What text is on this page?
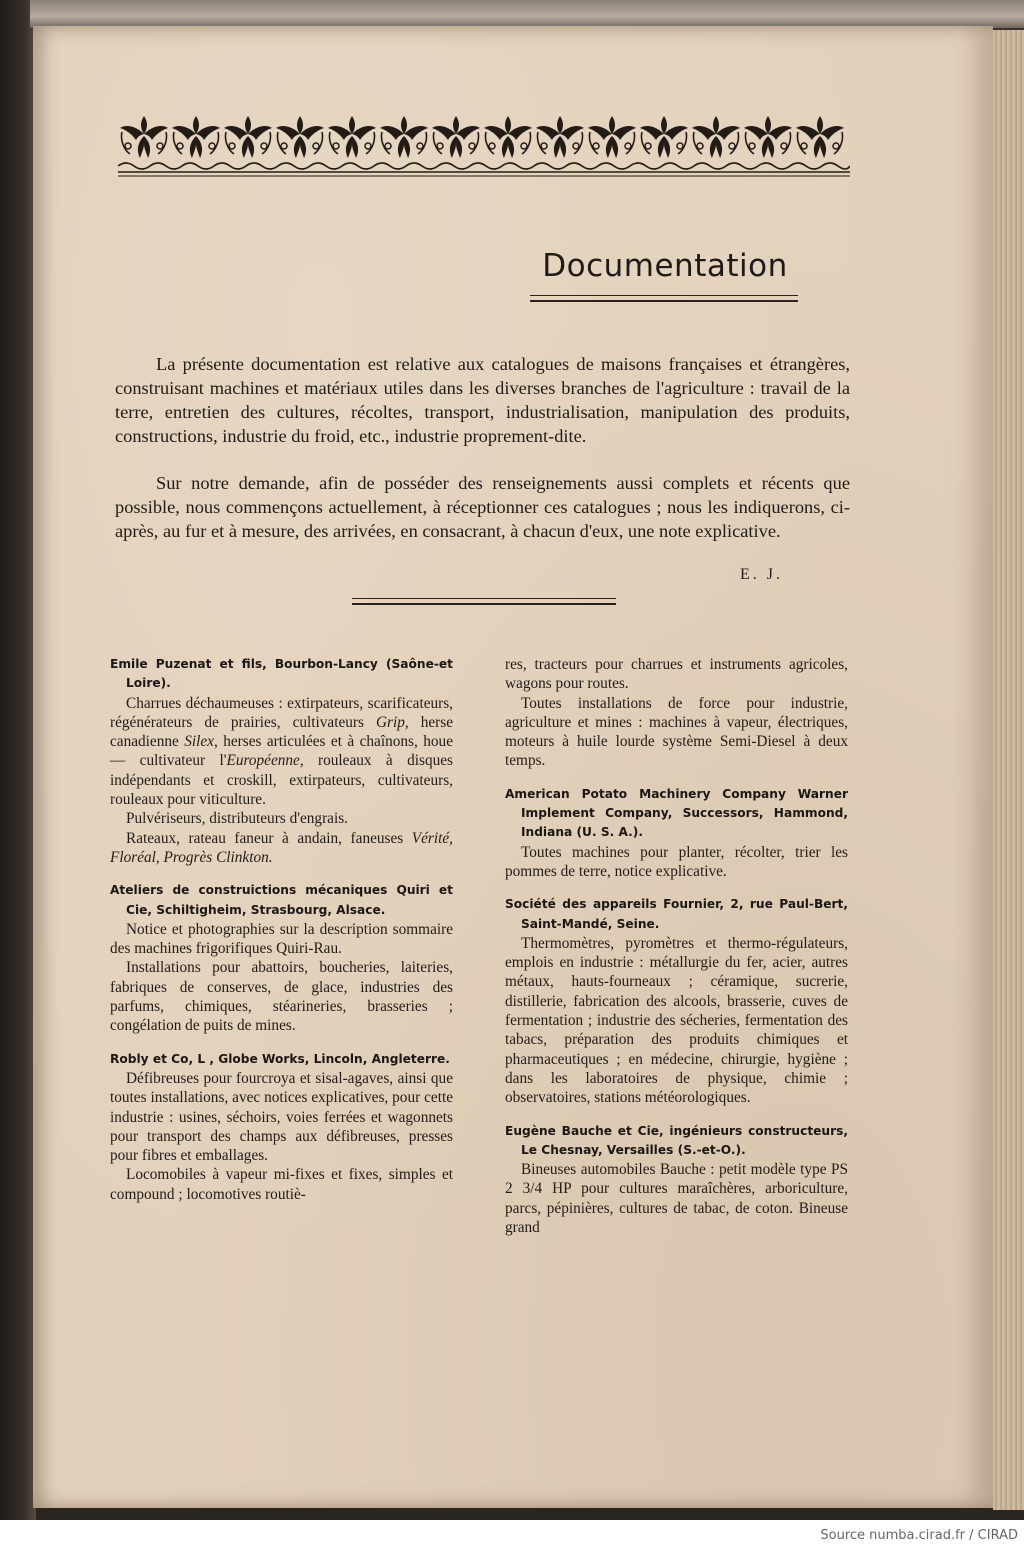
Documentation

La présente documentation est relative aux catalogues de maisons françaises et étrangères, construisant machines et matériaux utiles dans les diverses branches de l'agriculture : travail de la terre, entretien des cultures, récoltes, transport, industrialisation, manipulation des produits, constructions, industrie du froid, etc., industrie proprement-dite.

Sur notre demande, afin de posséder des renseignements aussi complets et récents que possible, nous commençons actuellement, à réceptionner ces catalogues ; nous les indiquerons, ci-après, au fur et à mesure, des arrivées, en consacrant, à chacun d'eux, une note explicative.

E. J.

Emile Puzenat et fils, Bourbon-Lancy (Saône-et Loire).

Charrues déchaumeuses : extirpateurs, scarificateurs, régénérateurs de prairies, cultivateurs Grip, herse canadienne Silex, herses articulées et à chaînons, houe — cultivateur l'Européenne, rouleaux à disques indépendants et croskill, extirpateurs, cultivateurs, rouleaux pour viticulture.

Pulvériseurs, distributeurs d'engrais.

Rateaux, rateau faneur à andain, faneuses Vérité, Floréal, Progrès Clinkton.

Ateliers de construictions mécaniques Quiri et Cie, Schiltigheim, Strasbourg, Alsace.

Notice et photographies sur la description sommaire des machines frigorifiques Quiri-Rau.

Installations pour abattoirs, boucheries, laiteries, fabriques de conserves, de glace, industries des parfums, chimiques, stéarineries, brasseries ; congélation de puits de mines.

Robly et Co, L , Globe Works, Lincoln, Angleterre.

Défibreuses pour fourcroya et sisal-agaves, ainsi que toutes installations, avec notices explicatives, pour cette industrie : usines, séchoirs, voies ferrées et wagonnets pour transport des champs aux défibreuses, presses pour fibres et emballages.

Locomobiles à vapeur mi-fixes et fixes, simples et compound ; locomotives routiè-

res, tracteurs pour charrues et instruments agricoles, wagons pour routes.

Toutes installations de force pour industrie, agriculture et mines : machines à vapeur, électriques, moteurs à huile lourde système Semi-Diesel à deux temps.

American Potato Machinery Company Warner Implement Company, Successors, Hammond, Indiana (U. S. A.).

Toutes machines pour planter, récolter, trier les pommes de terre, notice explicative.

Société des appareils Fournier, 2, rue Paul-Bert, Saint-Mandé, Seine.

Thermomètres, pyromètres et thermo-régulateurs, emplois en industrie : métallurgie du fer, acier, autres métaux, hauts-fourneaux ; céramique, sucrerie, distillerie, fabrication des alcools, brasserie, cuves de fermentation ; industrie des sécheries, fermentation des tabacs, préparation des produits chimiques et pharmaceutiques ; en médecine, chirurgie, hygiène ; dans les laboratoires de physique, chimie ; observatoires, stations météorologiques.

Eugène Bauche et Cie, ingénieurs constructeurs, Le Chesnay, Versailles (S.-et-O.).

Bineuses automobiles Bauche : petit modèle type PS 2 3/4 HP pour cultures maraîchères, arboriculture, parcs, pépinières, cultures de tabac, de coton. Bineuse grand

Source numba.cirad.fr / CIRAD
